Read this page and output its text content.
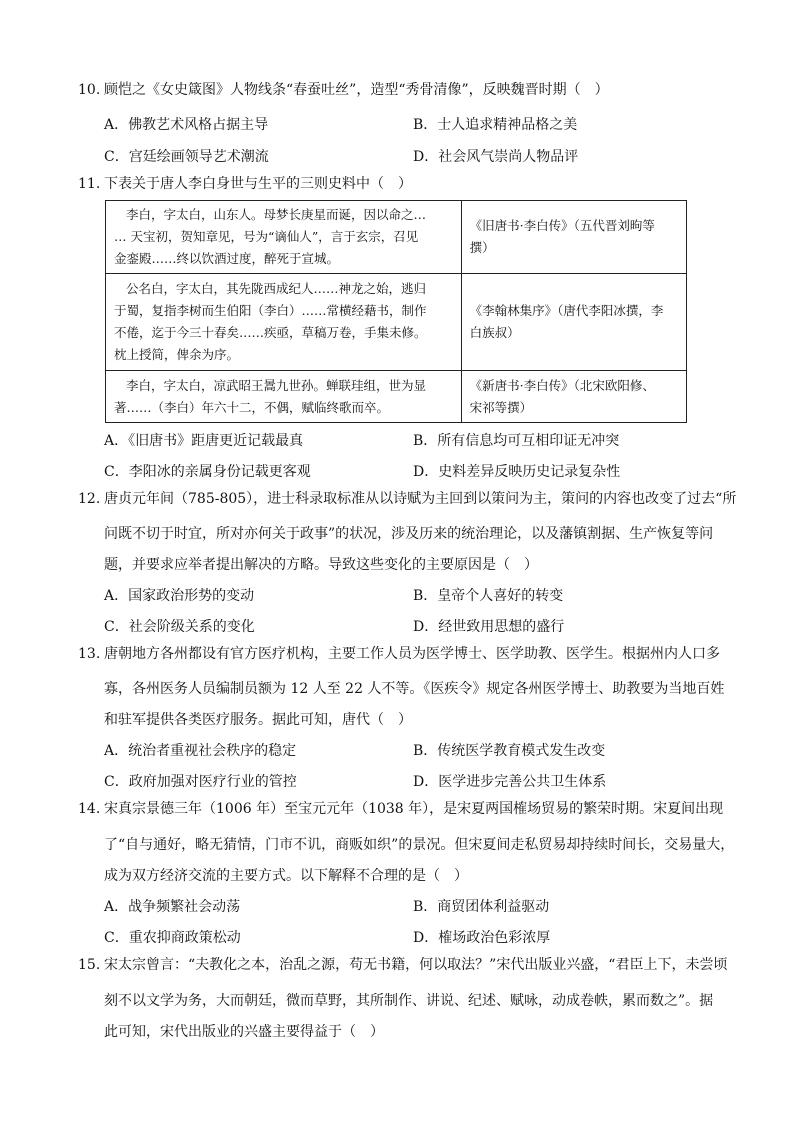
10. 顾恺之《女史箴图》人物线条“春蚕吐丝”，造型“秀骨清像”，反映魏晋时期（　）
A．佛教艺术风格占据主导	B．士人追求精神品格之美
C．宫廷绘画领导艺术潮流	D．社会风气崇尚人物品评
11. 下表关于唐人李白身世与生平的三则史料中（　）
李白，字太白，山东人。母梦长庚星而诞，因以命之…
… 天宝初，贺知章见，号为“谪仙人”，言于玄宗，召见
金銮殿……终以饮酒过度，醉死于宣城。	《旧唐书·李白传》（五代晋刘昫等
撰）

公名白，字太白，其先陇西成纪人……神龙之始，逃归
于蜀，复指李树而生伯阳（李白）……常横经藉书，制作
不倦，迄于今三十春矣……疾亟，草稿万卷，手集未修。
枕上授简，俾余为序。	《李翰林集序》（唐代李阳冰撰，李
白族叔）

李白，字太白，凉武昭王暠九世孙。蝉联珪组，世为显
著……（李白）年六十二，不偶，赋临终歌而卒。	《新唐书·李白传》（北宋欧阳修、
宋祁等撰）
A．《旧唐书》距唐更近记载最真	B．所有信息均可互相印证无冲突
C．李阳冰的亲属身份记载更客观	D．史料差异反映历史记录复杂性
12. 唐贞元年间（785-805），进士科录取标准从以诗赋为主回到以策问为主，策问的内容也改变了过去“所
问既不切于时宜，所对亦何关于政事”的状况，涉及历来的统治理论，以及藩镇割据、生产恢复等问
题，并要求应举者提出解决的方略。导致这些变化的主要原因是（　）
A．国家政治形势的变动	B．皇帝个人喜好的转变
C．社会阶级关系的变化	D．经世致用思想的盛行
13. 唐朝地方各州都设有官方医疗机构，主要工作人员为医学博士、医学助教、医学生。根据州内人口多
寡，各州医务人员编制员额为 12 人至 22 人不等。《医疾令》规定各州医学博士、助教要为当地百姓
和驻军提供各类医疗服务。据此可知，唐代（　）
A．统治者重视社会秩序的稳定	B．传统医学教育模式发生改变
C．政府加强对医疗行业的管控	D．医学进步完善公共卫生体系
14. 宋真宗景德三年（1006 年）至宝元元年（1038 年），是宋夏两国榷场贸易的繁荣时期。宋夏间出现
了“自与通好，略无猜情，门市不讥，商贩如织”的景况。但宋夏间走私贸易却持续时间长，交易量大，
成为双方经济交流的主要方式。以下解释不合理的是（　）
A．战争频繁社会动荡	B．商贸团体利益驱动
C．重农抑商政策松动	D．榷场政治色彩浓厚
15. 宋太宗曾言：“夫教化之本，治乱之源，苟无书籍，何以取法？”宋代出版业兴盛，“君臣上下，未尝顷
刻不以文学为务，大而朝廷，微而草野，其所制作、讲说、纪述、赋咏，动成卷帙，累而数之”。据
此可知，宋代出版业的兴盛主要得益于（　）
